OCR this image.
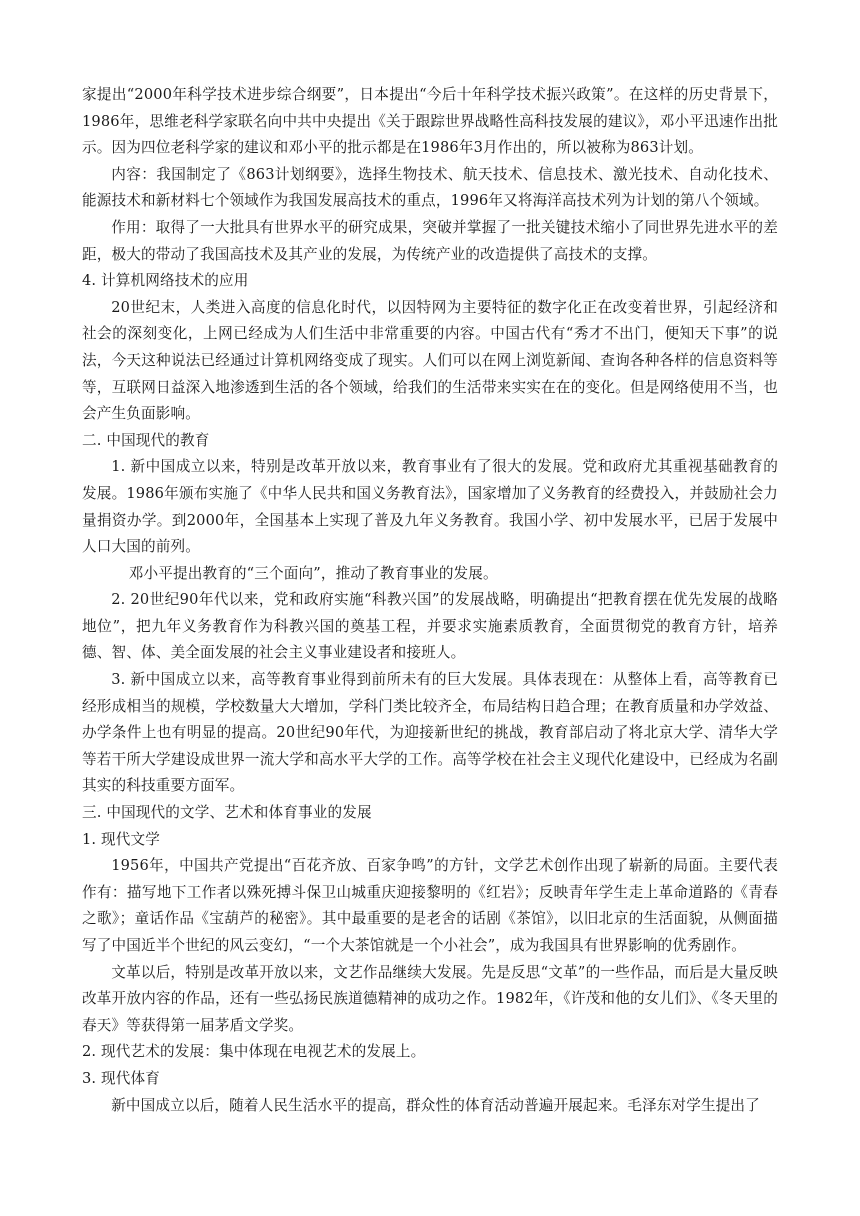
家提出“2000年科学技术进步综合纲要”，日本提出“今后十年科学技术振兴政策”。在这样的历史背景下，1986年，思维老科学家联名向中共中央提出《关于跟踪世界战略性高科技发展的建议》，邓小平迅速作出批示。因为四位老科学家的建议和邓小平的批示都是在1986年3月作出的，所以被称为863计划。

内容：我国制定了《863计划纲要》，选择生物技术、航天技术、信息技术、激光技术、自动化技术、能源技术和新材料七个领域作为我国发展高技术的重点，1996年又将海洋高技术列为计划的第八个领域。

作用：取得了一大批具有世界水平的研究成果，突破并掌握了一批关键技术缩小了同世界先进水平的差距，极大的带动了我国高技术及其产业的发展，为传统产业的改造提供了高技术的支撑。

4. 计算机网络技术的应用

20世纪末，人类进入高度的信息化时代，以因特网为主要特征的数字化正在改变着世界，引起经济和社会的深刻变化，上网已经成为人们生活中非常重要的内容。中国古代有“秀才不出门，便知天下事”的说法，今天这种说法已经通过计算机网络变成了现实。人们可以在网上浏览新闻、查询各种各样的信息资料等等，互联网日益深入地渗透到生活的各个领域，给我们的生活带来实实在在的变化。但是网络使用不当，也会产生负面影响。

二. 中国现代的教育

1. 新中国成立以来，特别是改革开放以来，教育事业有了很大的发展。党和政府尤其重视基础教育的发展。1986年颁布实施了《中华人民共和国义务教育法》，国家增加了义务教育的经费投入，并鼓励社会力量捐资办学。到2000年，全国基本上实现了普及九年义务教育。我国小学、初中发展水平，已居于发展中人口大国的前列。

邓小平提出教育的“三个面向”，推动了教育事业的发展。

2. 20世纪90年代以来，党和政府实施“科教兴国”的发展战略，明确提出“把教育摆在优先发展的战略地位”，把九年义务教育作为科教兴国的奠基工程，并要求实施素质教育，全面贯彻党的教育方针，培养德、智、体、美全面发展的社会主义事业建设者和接班人。

3. 新中国成立以来，高等教育事业得到前所未有的巨大发展。具体表现在：从整体上看，高等教育已经形成相当的规模，学校数量大大增加，学科门类比较齐全，布局结构日趋合理；在教育质量和办学效益、办学条件上也有明显的提高。20世纪90年代，为迎接新世纪的挑战，教育部启动了将北京大学、清华大学等若干所大学建设成世界一流大学和高水平大学的工作。高等学校在社会主义现代化建设中，已经成为名副其实的科技重要方面军。

三. 中国现代的文学、艺术和体育事业的发展

1. 现代文学

1956年，中国共产党提出“百花齐放、百家争鸣”的方针，文学艺术创作出现了崭新的局面。主要代表作有：描写地下工作者以殊死搏斗保卫山城重庆迎接黎明的《红岩》；反映青年学生走上革命道路的《青春之歌》；童话作品《宝葫芦的秘密》。其中最重要的是老舍的话剧《茶馆》，以旧北京的生活面貌，从侧面描写了中国近半个世纪的风云变幻，“一个大茶馆就是一个小社会”，成为我国具有世界影响的优秀剧作。

文革以后，特别是改革开放以来，文艺作品继续大发展。先是反思“文革”的一些作品，而后是大量反映改革开放内容的作品，还有一些弘扬民族道德精神的成功之作。1982年，《许茂和他的女儿们》、《冬天里的春天》等获得第一届茅盾文学奖。

2. 现代艺术的发展：集中体现在电视艺术的发展上。

3. 现代体育

新中国成立以后，随着人民生活水平的提高，群众性的体育活动普遍开展起来。毛泽东对学生提出了
